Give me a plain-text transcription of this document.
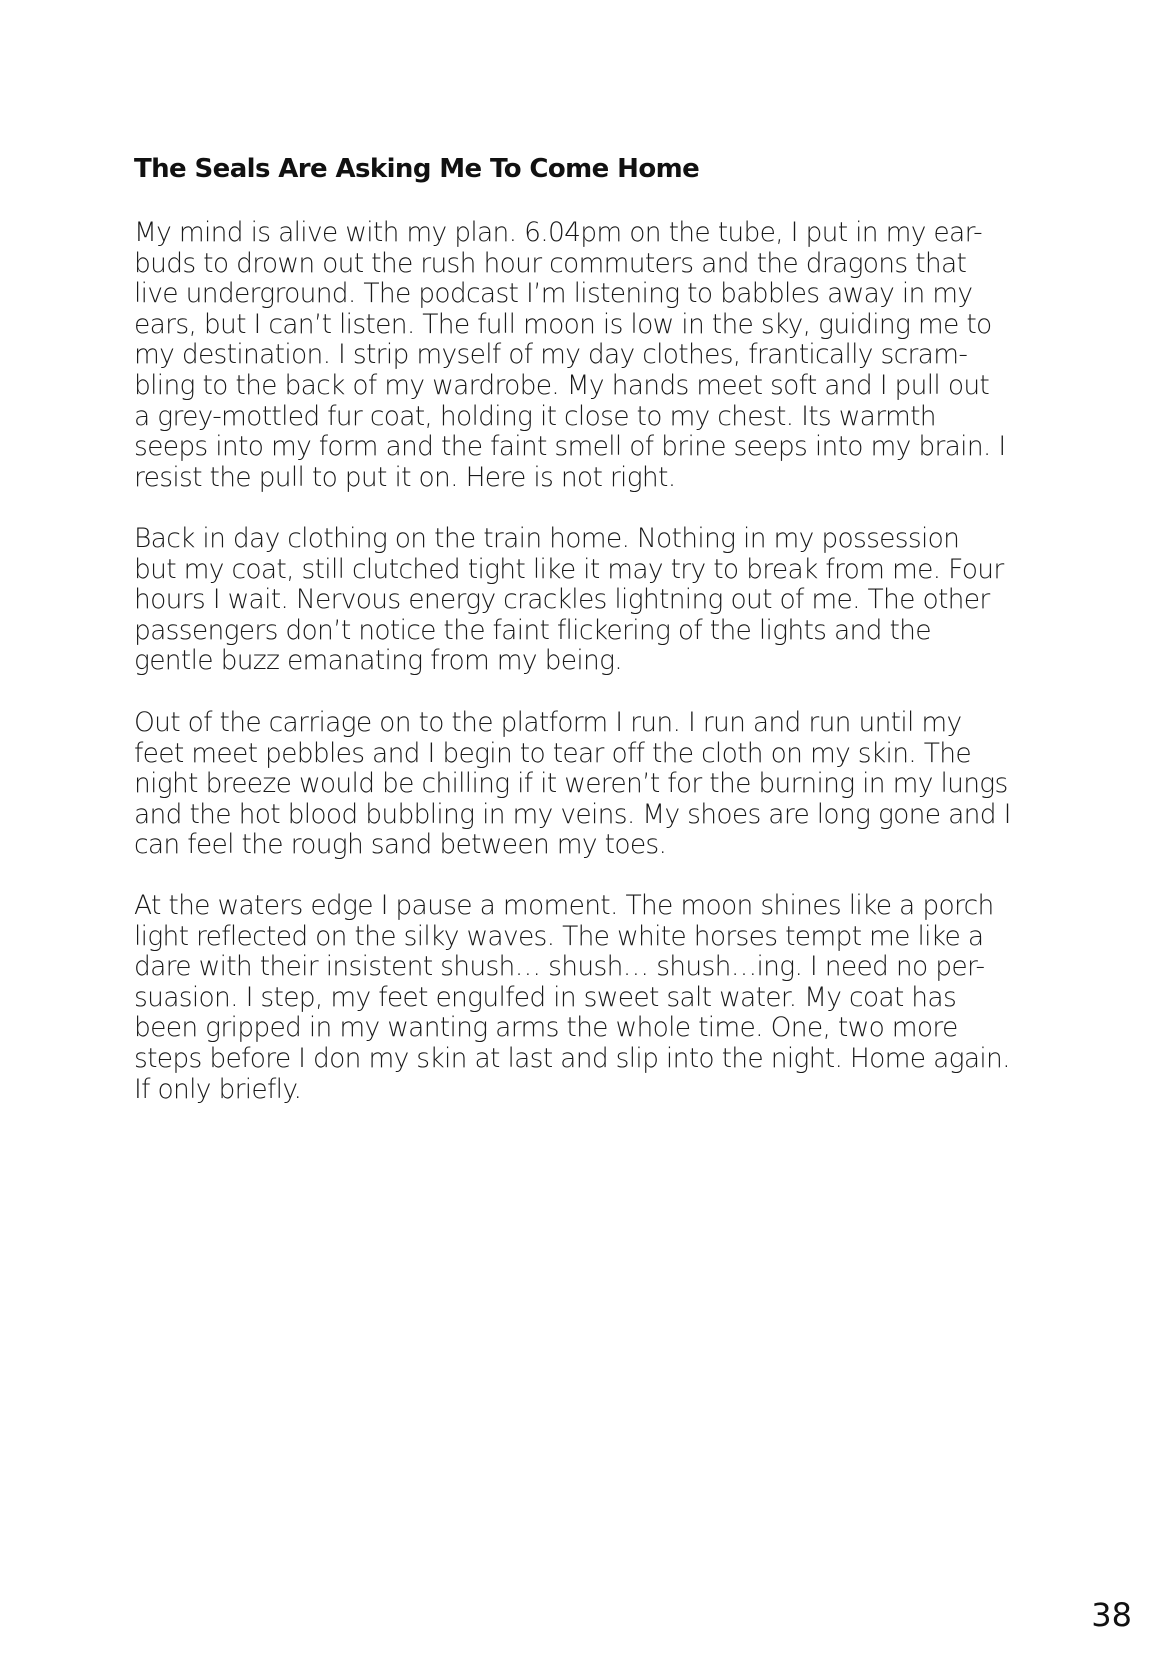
The Seals Are Asking Me To Come Home

My mind is alive with my plan. 6.04pm on the tube, I put in my ear-
buds to drown out the rush hour commuters and the dragons that
live underground. The podcast I’m listening to babbles away in my
ears, but I can’t listen. The full moon is low in the sky, guiding me to
my destination. I strip myself of my day clothes, frantically scram-
bling to the back of my wardrobe. My hands meet soft and I pull out
a grey-mottled fur coat, holding it close to my chest. Its warmth
seeps into my form and the faint smell of brine seeps into my brain. I
resist the pull to put it on. Here is not right.

Back in day clothing on the train home. Nothing in my possession
but my coat, still clutched tight like it may try to break from me. Four
hours I wait. Nervous energy crackles lightning out of me. The other
passengers don’t notice the faint flickering of the lights and the
gentle buzz emanating from my being.

Out of the carriage on to the platform I run. I run and run until my
feet meet pebbles and I begin to tear off the cloth on my skin. The
night breeze would be chilling if it weren’t for the burning in my lungs
and the hot blood bubbling in my veins. My shoes are long gone and I
can feel the rough sand between my toes.

At the waters edge I pause a moment. The moon shines like a porch
light reflected on the silky waves. The white horses tempt me like a
dare with their insistent shush… shush… shush…ing. I need no per-
suasion. I step, my feet engulfed in sweet salt water. My coat has
been gripped in my wanting arms the whole time. One, two more
steps before I don my skin at last and slip into the night. Home again.
If only briefly.

38
